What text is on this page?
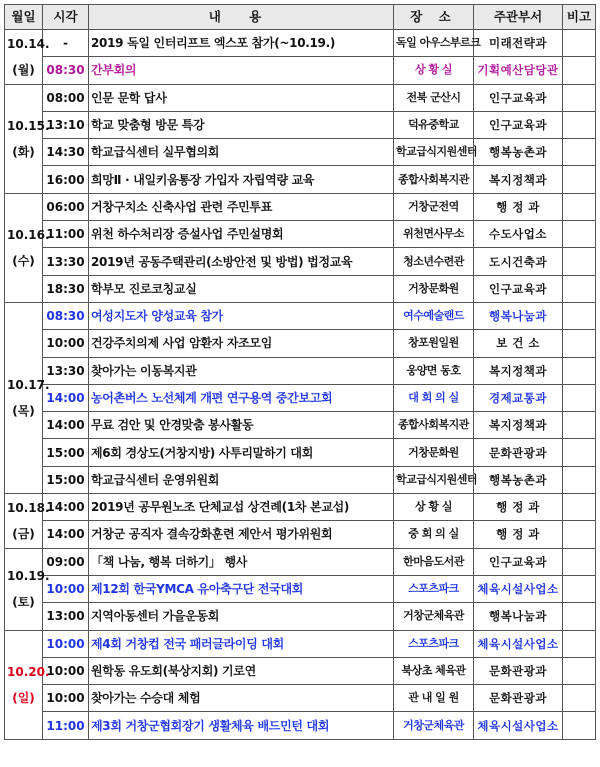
월일	시각	내 용	장 소	주관부서	비고
10.14.
(월)	-	2019 독일 인터리프트 엑스포 참가(~10.19.)	독일 아우스부르크	미래전략과	
	08:30	간부회의	상 황 실	기획예산담당관	
10.15.
(화)	08:00	인문 문학 답사	전북 군산시	인구교육과	
	13:10	학교 맞춤형 방문 특강	덕유중학교	인구교육과	
	14:30	학교급식센터 실무협의회	학교급식지원센터	행복농촌과	
	16:00	희망Ⅱ · 내일키움통장 가입자 자립역량 교육	종합사회복지관	복지정책과	
10.16.
(수)	06:00	거창구치소 신축사업 관련 주민투표	거창군전역	행 정 과	
	11:00	위천 하수처리장 증설사업 주민설명회	위천면사무소	수도사업소	
	13:30	2019년 공동주택관리(소방안전 및 방법) 법정교육	청소년수련관	도시건축과	
	18:30	학부모 진로코칭교실	거창문화원	인구교육과	
10.17.
(목)	08:30	여성지도자 양성교육 참가	여수예술랜드	행복나눔과	
	10:00	건강주치의제 사업 암환자 자조모임	창포원일원	보 건 소	
	13:30	찾아가는 이동복지관	웅양면 동호	복지정책과	
	14:00	농어촌버스 노선체계 개편 연구용역 중간보고회	대 회 의 실	경제교통과	
	14:00	무료 검안 및 안경맞춤 봉사활동	종합사회복지관	복지정책과	
	15:00	제6회 경상도(거창지방) 사투리말하기 대회	거창문화원	문화관광과	
	15:00	학교급식센터 운영위원회	학교급식지원센터	행복농촌과	
10.18.
(금)	14:00	2019년 공무원노조 단체교섭 상견례(1차 본교섭)	상 황 실	행 정 과	
	14:00	거창군 공직자 결속강화훈련 제안서 평가위원회	중 회 의 실	행 정 과	
10.19.
(토)	09:00	「책 나눔, 행복 더하기」 행사	한마음도서관	인구교육과	
	10:00	제12회 한국YMCA 유아축구단 전국대회	스포츠파크	체육시설사업소	
	13:00	지역아동센터 가을운동회	거창군체육관	행복나눔과	
10.20.
(일)	10:00	제4회 거창컵 전국 패러글라이딩 대회	스포츠파크	체육시설사업소	
	10:00	원학동 유도회(북상지회) 기로연	북상초 체육관	문화관광과	
	10:00	찾아가는 수승대 체험	관 내 일 원	문화관광과	
	11:00	제3회 거창군협회장기 생활체육 배드민턴 대회	거창군체육관	체육시설사업소	
